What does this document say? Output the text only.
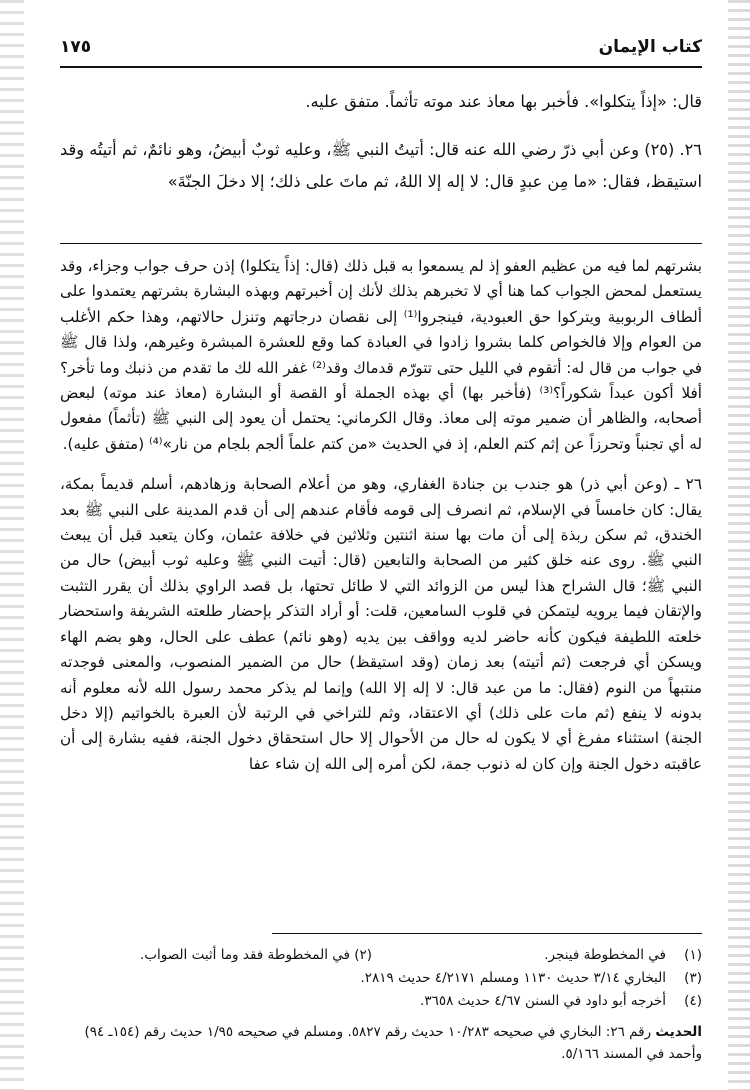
كتاب الإيمان
١٧٥

قال: «إذاً يتكلوا». فأخبر بها معاذ عند موته تأثماً. متفق عليه.

٢٦. (٢٥) وعن أبي ذرّ رضي الله عنه قال: أتيتُ النبي ﷺ، وعليه ثوبٌ أبيضُ، وهو نائمٌ، ثم أتيتُه وقد استيقظ، فقال: «ما مِن عبدٍ قال: لا إله إلا اللهُ، ثم ماتَ على ذلك؛ إلا دخلَ الجنّةَ»

بشرتهم لما فيه من عظيم العفو إذ لم يسمعوا به قبل ذلك (قال: إذاً يتكلوا) إذن حرف جواب وجزاء، وقد يستعمل لمحض الجواب كما هنا أي لا تخبرهم بذلك لأنك إن أخبرتهم وبهذه البشارة بشرتهم يعتمدوا على ألطاف الربوبية ويتركوا حق العبودية، فينجروا⁽¹⁾ إلى نقصان درجاتهم وتنزل حالاتهم، وهذا حكم الأغلب من العوام وإلا فالخواص كلما بشروا زادوا في العبادة كما وقع للعشرة المبشرة وغيرهم، ولذا قال ﷺ في جواب من قال له: أتقوم في الليل حتى تتورّم قدماك وقد⁽²⁾ غفر الله لك ما تقدم من ذنبك وما تأخر؟ أفلا أكون عبداً شكوراً؟⁽³⁾ (فأخبر بها) أي بهذه الجملة أو القصة أو البشارة (معاذ عند موته) لبعض أصحابه، والظاهر أن ضمير موته إلى معاذ. وقال الكرماني: يحتمل أن يعود إلى النبي ﷺ (تأثماً) مفعول له أي تجنباً وتحرزاً عن إثم كتم العلم، إذ في الحديث «من كتم علماً ألجم بلجام من نار»⁽⁴⁾ (متفق عليه).

٢٦ ـ (وعن أبي ذر) هو جندب بن جنادة الغفاري، وهو من أعلام الصحابة وزهادهم، أسلم قديماً بمكة، يقال: كان خامساً في الإسلام، ثم انصرف إلى قومه فأقام عندهم إلى أن قدم المدينة على النبي ﷺ بعد الخندق، ثم سكن ربذة إلى أن مات بها سنة اثنتين وثلاثين في خلافة عثمان، وكان يتعبد قبل أن يبعث النبي ﷺ. روى عنه خلق كثير من الصحابة والتابعين (قال: أتيت النبي ﷺ وعليه ثوب أبيض) حال من النبي ﷺ؛ قال الشراح هذا ليس من الزوائد التي لا طائل تحتها، بل قصد الراوي بذلك أن يقرر التثبت والإتقان فيما يرويه ليتمكن في قلوب السامعين، قلت: أو أراد التذكر بإحضار طلعته الشريفة واستحضار خلعته اللطيفة فيكون كأنه حاضر لديه وواقف بين يديه (وهو نائم) عطف على الحال، وهو بضم الهاء ويسكن أي فرجعت (ثم أتيته) بعد زمان (وقد استيقظ) حال من الضمير المنصوب، والمعنى فوجدته منتبهاً من النوم (فقال: ما من عبد قال: لا إله إلا الله) وإنما لم يذكر محمد رسول الله لأنه معلوم أنه بدونه لا ينفع (ثم مات على ذلك) أي الاعتقاد، وثم للتراخي في الرتبة لأن العبرة بالخواتيم (إلا دخل الجنة) استثناء مفرغ أي لا يكون له حال من الأحوال إلا حال استحقاق دخول الجنة، ففيه بشارة إلى أن عاقبته دخول الجنة وإن كان له ذنوب جمة، لكن أمره إلى الله إن شاء عفا

(١)
في المخطوطة فينجر.
(٢) في المخطوطة فقد وما أثبت الصواب.
(٣)
البخاري ٣/١٤ حديث ١١٣٠ ومسلم ٤/٢١٧١ حديث ٢٨١٩.
(٤)
أخرجه أبو داود في السنن ٤/٦٧ حديث ٣٦٥٨.
الحديث رقم ٢٦: البخاري في صحيحه ١٠/٢٨٣ حديث رقم ٥٨٢٧. ومسلم في صحيحه ١/٩٥ حديث رقم (١٥٤ـ ٩٤) وأحمد في المسند ٥/١٦٦.
